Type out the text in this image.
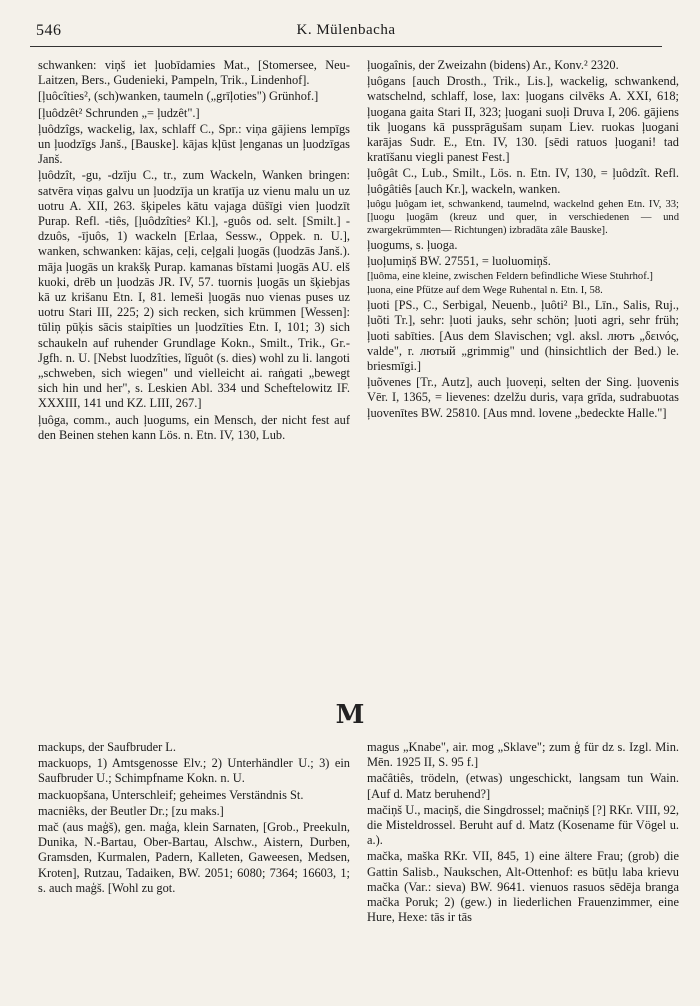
546	K. Mülenbacha

schwanken: viņš iet ļuobīdamies Mat., [Stomersee, Neu-Laitzen, Bers., Gudenieki, Pampeln, Trik., Lindenhof].

[ļuôcîties², (sch)wanken, taumeln („grīļoties") Grünhof.]

[ļuôdzêt² Schrunden „= ļudzêt".]

ļuôdzîgs, wackelig, lax, schlaff C., Spr.: viņa gājiens lempīgs un ļuodzīgs Janš., [Bauske]. kājas kļūst ļenganas un ļuodzīgas Janš.

ļuôdzît, -gu, -dzīju C., tr., zum Wackeln, Wanken bringen: satvēra viņas galvu un ļuodzīja un kratīja uz vienu malu un uz uotru A. XII, 263. šķipeles kātu vajaga dūšīgi vien ļuodzīt Purap. Refl. -tiês, [ļuôdzîties² Kl.], -guôs od. selt. [Smilt.] -dzuôs, -ījuôs, 1) wackeln [Erlaa, Sessw., Oppek. n. U.], wanken, schwanken: kājas, ceļi, ceļgali ļuogās (ļuodzās Janš.). māja ļuogās un krakšķ Purap. kamanas bīstami ļuogās AU. elš kuoki, drēb un ļuodzās JR. IV, 57. tuornis ļuogās un šķiebjas kā uz krišanu Etn. I, 81. lemeši ļuogās nuo vienas puses uz uotru Stari III, 225; 2) sich recken, sich krümmen [Wessen]: tūliņ pūķis sācis staipīties un ļuodzīties Etn. I, 101; 3) sich schaukeln auf ruhender Grundlage Kokn., Smilt., Trik., Gr.-Jgfh. n. U. [Nebst luodzîties, lîguôt (s. dies) wohl zu li. langoti „schweben, sich wiegen" und vielleicht ai. raṅgati „bewegt sich hin und her", s. Leskien Abl. 334 und Scheftelowitz IF. XXXIII, 141 und KZ. LIII, 267.]

ļuôga, comm., auch ļuogums, ein Mensch, der nicht fest auf den Beinen stehen kann Lös. n. Etn. IV, 130, Lub.

ļuogaînis, der Zweizahn (bidens) Ar., Konv.² 2320.

ļuôgans [auch Drosth., Trik., Lis.], wackelig, schwankend, watschelnd, schlaff, lose, lax: ļuogans cilvēks A. XXI, 618; ļuogana gaita Stari II, 323; ļuogani suoļi Druva I, 206. gājiens tik ļuogans kā pussprāgušam suņam Liev. ruokas ļuogani karājas Sudr. E., Etn. IV, 130. [sēdi ratuos ļuogani! tad kratīšanu viegli panest Fest.]

ļuôgât C., Lub., Smilt., Lös. n. Etn. IV, 130, = ļuôdzît. Refl. ļuôgâtiês [auch Kr.], wackeln, wanken.

ļuôgu ļuôgam iet, schwankend, taumelnd, wackelnd gehen Etn. IV, 33; [ļuogu ļuogām (kreuz und quer, in verschiedenen — und zwargekrümmten— Richtungen) izbradāta zâle Bauske].

ļuogums, s. ļuoga.

ļuoļumiņš BW. 27551, = luoluomiņš.

[ļuôma, eine kleine, zwischen Feldern befindliche Wiese Stuhrhof.]

ļuona, eine Pfütze auf dem Wege Ruhental n. Etn. I, 58.

ļuoti [PS., C., Serbigal, Neuenb., ļuôti² Bl., Līn., Salis, Ruj., ļuõti Tr.], sehr: ļuoti jauks, sehr schön; ļuoti agri, sehr früh; ļuoti sabīties. [Aus dem Slavischen; vgl. aksl. лютъ „δεινός, valde", r. лютый „grimmig" und (hinsichtlich der Bed.) le. briesmīgi.]

ļuõvenes [Tr., Autz], auch ļuoveņi, selten der Sing. ļuovenis Vēr. I, 1365, = lievenes: dzelžu duris, vaŗa grīda, sudrabuotas ļuovenītes BW. 25810. [Aus mnd. lovene „bedeckte Halle."]

M

mackups, der Saufbruder L.

mackuops, 1) Amtsgenosse Elv.; 2) Unterhändler U.; 3) ein Saufbruder U.; Schimpfname Kokn. n. U.

mackuopšana, Unterschleif; geheimes Verständnis St.

macniêks, der Beutler Dr.; [zu maks.]

mač (aus maģš), gen. maģa, klein Sarnaten, [Grob., Preekuln, Dunika, N.-Bartau, Ober-Bartau, Alschw., Aistern, Durben, Gramsden, Kurmalen, Padern, Kalleten, Gaweesen, Medsen, Kroten], Rutzau, Tadaiken, BW. 2051; 6080; 7364; 16603, 1; s. auch maģš. [Wohl zu got.

magus „Knabe", air. mog „Sklave"; zum ģ für dz s. Izgl. Min. Mēn. 1925 II, S. 95 f.]

mačâtiês, trödeln, (etwas) ungeschickt, langsam tun Wain. [Auf d. Matz beruhend?]

mačiņš U., maciņš, die Singdrossel; mačniņš [?] RKr. VIII, 92, die Misteldrossel. Beruht auf d. Matz (Kosename für Vögel u. a.).

mačka, maška RKr. VII, 845, 1) eine ältere Frau; (grob) die Gattin Salisb., Naukschen, Alt-Ottenhof: es būtļu laba krievu mačka (Var.: sieva) BW. 9641. vienuos rasuos sēdēja branga mačka Poruk; 2) (gew.) in liederlichen Frauenzimmer, eine Hure, Hexe: tās ir tās
